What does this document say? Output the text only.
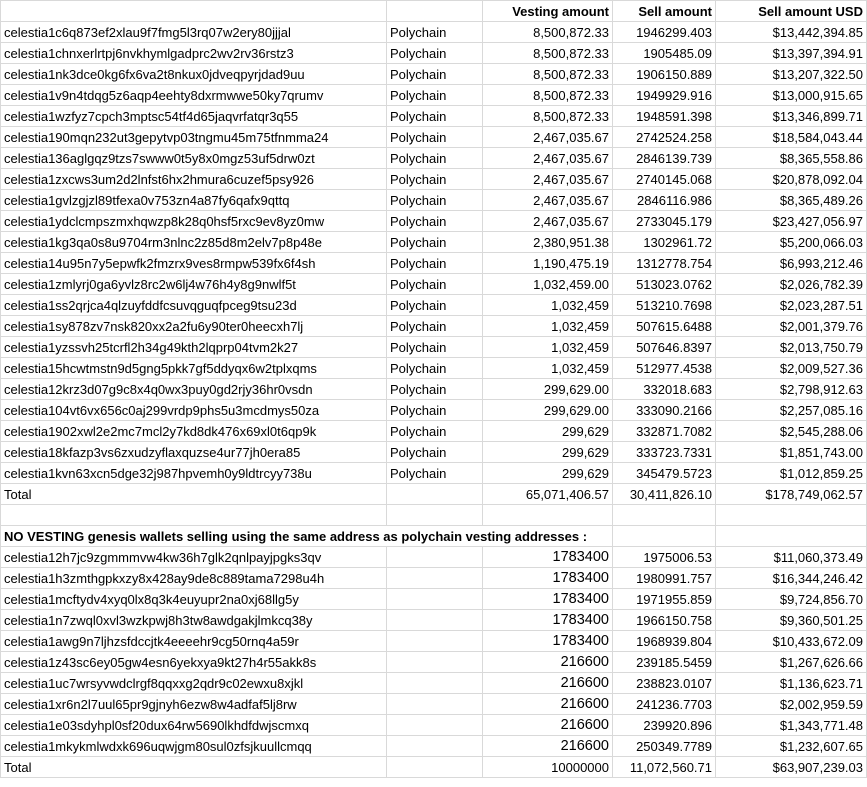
		Vesting amount	Sell amount	Sell amount USD
celestia1c6q873ef2xlau9f7fmg5l3rq07w2ery80jjjal	Polychain	8,500,872.33	1946299.403	$13,442,394.85
celestia1chnxerlrtpj6nvkhymlgadprc2wv2rv36rstz3	Polychain	8,500,872.33	1905485.09	$13,397,394.91
celestia1nk3dce0kg6fx6va2t8nkux0jdveqpyrjdad9uu	Polychain	8,500,872.33	1906150.889	$13,207,322.50
celestia1v9n4tdqg5z6aqp4eehty8dxrmwwe50ky7qrumv	Polychain	8,500,872.33	1949929.916	$13,000,915.65
celestia1wzfyz7cpch3mptsc54tf4d65jaqvrfatqr3q55	Polychain	8,500,872.33	1948591.398	$13,346,899.71
celestia190mqn232ut3gepytvp03tngmu45m75tfnmma24	Polychain	2,467,035.67	2742524.258	$18,584,043.44
celestia136aglgqz9tzs7swww0t5y8x0mgz53uf5drw0zt	Polychain	2,467,035.67	2846139.739	$8,365,558.86
celestia1zxcws3um2d2lnfst6hx2hmura6cuzef5psy926	Polychain	2,467,035.67	2740145.068	$20,878,092.04
celestia1gvlzgjzl89tfexa0v753zn4a87fy6qafx9qttq	Polychain	2,467,035.67	2846116.986	$8,365,489.26
celestia1ydclcmpszmxhqwzp8k28q0hsf5rxc9ev8yz0mw	Polychain	2,467,035.67	2733045.179	$23,427,056.97
celestia1kg3qa0s8u9704rm3nlnc2z85d8m2elv7p8p48e	Polychain	2,380,951.38	1302961.72	$5,200,066.03
celestia14u95n7y5epwfk2fmzrx9ves8rmpw539fx6f4sh	Polychain	1,190,475.19	1312778.754	$6,993,212.46
celestia1zmlyrj0ga6yvlz8rc2w6lj4w76h4y8g9nwlf5t	Polychain	1,032,459.00	513023.0762	$2,026,782.39
celestia1ss2qrjca4qlzuyfddfcsuvqguqfpceg9tsu23d	Polychain	1,032,459	513210.7698	$2,023,287.51
celestia1sy878zv7nsk820xx2a2fu6y90ter0heecxh7lj	Polychain	1,032,459	507615.6488	$2,001,379.76
celestia1yzssvh25tcrfl2h34g49kth2lqprp04tvm2k27	Polychain	1,032,459	507646.8397	$2,013,750.79
celestia15hcwtmstn9d5gng5pkk7gf5ddyqx6w2tplxqms	Polychain	1,032,459	512977.4538	$2,009,527.36
celestia12krz3d07g9c8x4q0wx3puy0gd2rjy36hr0vsdn	Polychain	299,629.00	332018.683	$2,798,912.63
celestia104vt6vx656c0aj299vrdp9phs5u3mcdmys50za	Polychain	299,629.00	333090.2166	$2,257,085.16
celestia1902xwl2e2mc7mcl2y7kd8dk476x69xl0t6qp9k	Polychain	299,629	332871.7082	$2,545,288.06
celestia18kfazp3vs6zxudzyflaxquzse4ur77jh0era85	Polychain	299,629	333723.7331	$1,851,743.00
celestia1kvn63xcn5dge32j987hpvemh0y9ldtrcyy738u	Polychain	299,629	345479.5723	$1,012,859.25
Total		65,071,406.57	30,411,826.10	$178,749,062.57

NO VESTING genesis wallets selling using the same address as polychain vesting addresses :				
celestia12h7jc9zgmmmvw4kw36h7glk2qnlpayjpgks3qv		1783400	1975006.53	$11,060,373.49
celestia1h3zmthgpkxzy8x428ay9de8c889tama7298u4h		1783400	1980991.757	$16,344,246.42
celestia1mcftydv4xyq0lx8q3k4euyupr2na0xj68llg5y		1783400	1971955.859	$9,724,856.70
celestia1n7zwql0xvl3wzkpwj8h3tw8awdgakjlmkcq38y		1783400	1966150.758	$9,360,501.25
celestia1awg9n7ljhzsfdccjtk4eeeehr9cg50rnq4a59r		1783400	1968939.804	$10,433,672.09
celestia1z43sc6ey05gw4esn6yekxya9kt27h4r55akk8s		216600	239185.5459	$1,267,626.66
celestia1uc7wrsyvwdclrgf8qqxxg2qdr9c02ewxu8xjkl		216600	238823.0107	$1,136,623.71
celestia1xr6n2l7uul65pr9gjnyh6ezw8w4adfaf5lj8rw		216600	241236.7703	$2,002,959.59
celestia1e03sdyhpl0sf20dux64rw5690lkhdfdwjscmxq		216600	239920.896	$1,343,771.48
celestia1mkykmlwdxk696uqwjgm80sul0zfsjkuullcmqq		216600	250349.7789	$1,232,607.65
Total		10000000	11,072,560.71	$63,907,239.03
